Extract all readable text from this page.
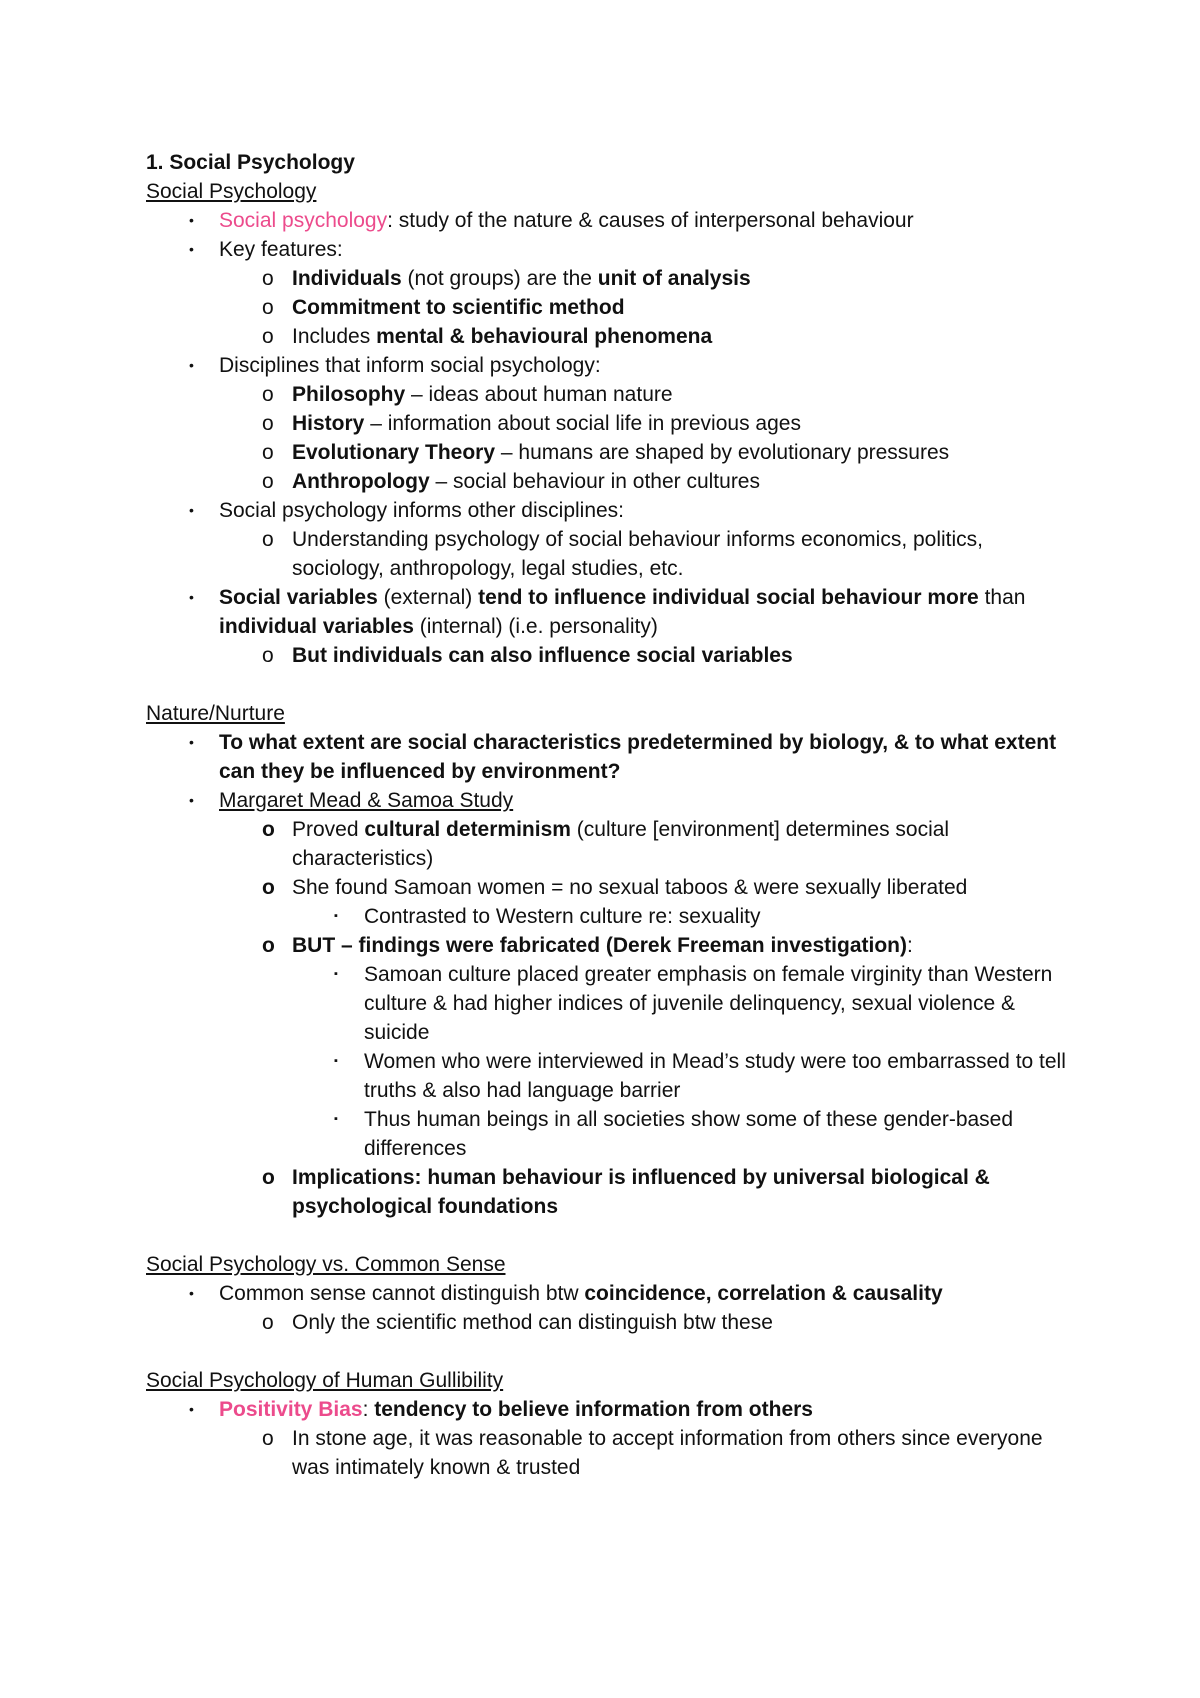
1. Social Psychology
Social Psychology
•	Social psychology: study of the nature & causes of interpersonal behaviour
•	Key features:
o Individuals (not groups) are the unit of analysis
o Commitment to scientific method
o Includes mental & behavioural phenomena
•	Disciplines that inform social psychology:
o Philosophy – ideas about human nature
o History – information about social life in previous ages
o Evolutionary Theory – humans are shaped by evolutionary pressures
o Anthropology – social behaviour in other cultures
•	Social psychology informs other disciplines:
o Understanding psychology of social behaviour informs economics, politics, sociology, anthropology, legal studies, etc.
•	Social variables (external) tend to influence individual social behaviour more than individual variables (internal) (i.e. personality)
o But individuals can also influence social variables
Nature/Nurture
•	To what extent are social characteristics predetermined by biology, & to what extent can they be influenced by environment?
•	Margaret Mead & Samoa Study
o Proved cultural determinism (culture [environment] determines social characteristics)
o She found Samoan women = no sexual taboos & were sexually liberated
▪	Contrasted to Western culture re: sexuality
o BUT – findings were fabricated (Derek Freeman investigation):
▪	Samoan culture placed greater emphasis on female virginity than Western culture & had higher indices of juvenile delinquency, sexual violence & suicide
▪	Women who were interviewed in Mead’s study were too embarrassed to tell truths & also had language barrier
▪	Thus human beings in all societies show some of these gender-based differences
o Implications: human behaviour is influenced by universal biological & psychological foundations
Social Psychology vs. Common Sense
•	Common sense cannot distinguish btw coincidence, correlation & causality
o Only the scientific method can distinguish btw these
Social Psychology of Human Gullibility
•	Positivity Bias: tendency to believe information from others
o In stone age, it was reasonable to accept information from others since everyone was intimately known & trusted
